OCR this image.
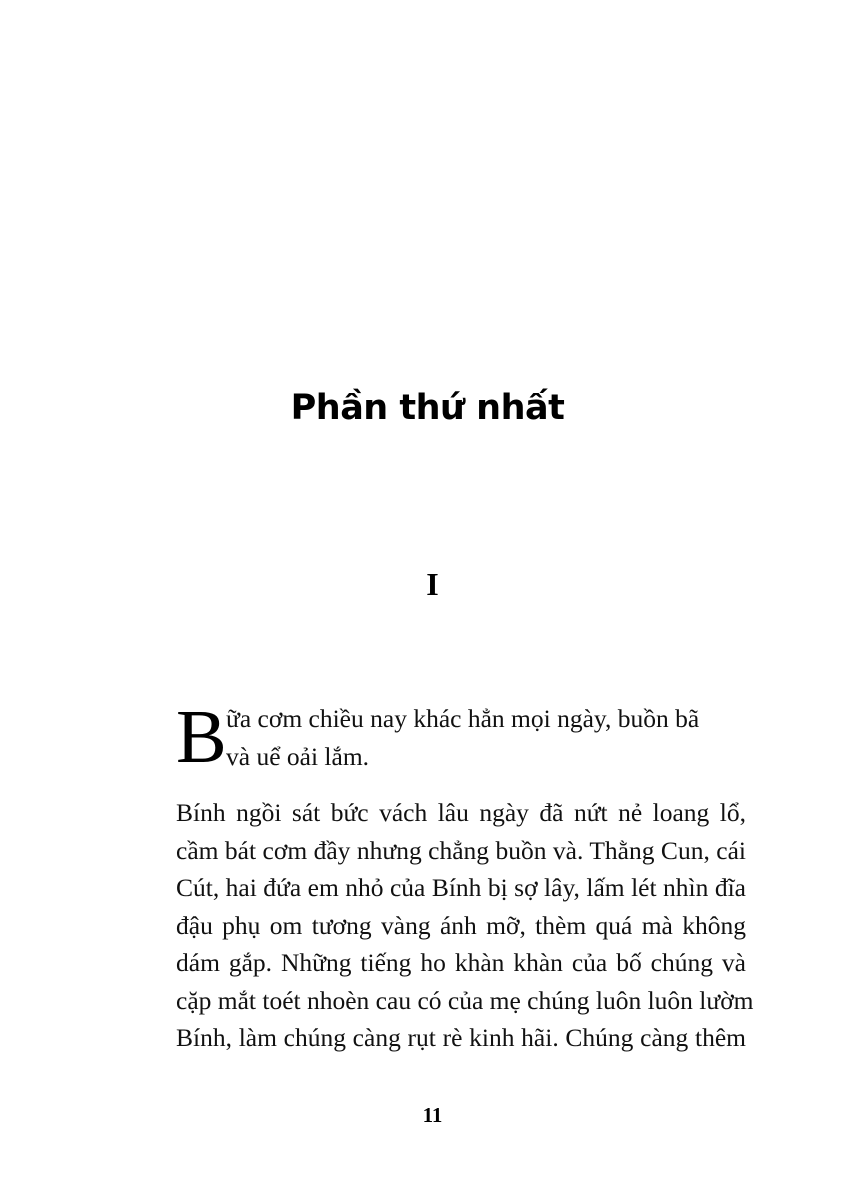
Phần thứ nhất
I
B ữa cơm chiều nay khác hẳn mọi ngày, buồn bã
và uể oải lắm.
Bính ngồi sát bức vách lâu ngày đã nứt nẻ loang lổ,
cầm bát cơm đầy nhưng chẳng buồn và. Thằng Cun, cái
Cút, hai đứa em nhỏ của Bính bị sợ lây, lấm lét nhìn đĩa
đậu phụ om tương vàng ánh mỡ, thèm quá mà không
dám gắp. Những tiếng ho khàn khàn của bố chúng và
cặp mắt toét nhoèn cau có của mẹ chúng luôn luôn lườm
Bính, làm chúng càng rụt rè kinh hãi. Chúng càng thêm
11
